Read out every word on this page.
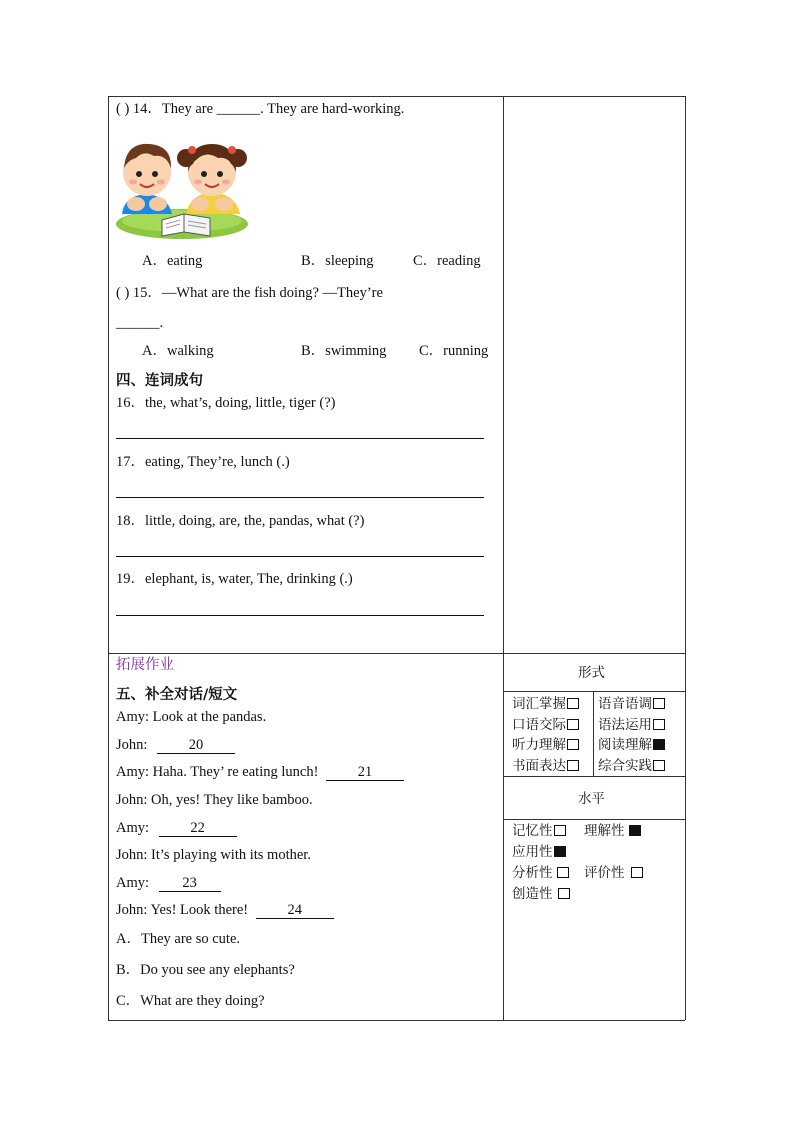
( ) 14．They are ______. They are hard-working.
A．eating	B．sleeping	C．reading
( ) 15．—What are the fish doing? —They’re
______.
A．walking	B．swimming C．running
四、连词成句
16．the, what’s, doing, little, tiger (?)
17．eating, They’re, lunch (.)
18．little, doing, are, the, pandas, what (?)
19．elephant, is, water, The, drinking (.)
拓展作业
五、补全对话/短文
Amy: Look at the pandas.
John:	20
Amy: Haha. They’ re eating lunch! 21
John: Oh, yes! They like bamboo.
Amy:	22
John: It’s playing with its mother.
Amy: 23
John: Yes! Look there! 24
A．They are so cute.
B．Do you see any elephants?
C．What are they doing?
形式
词汇掌握	语音语调
口语交际	语法运用
听力理解	阅读理解
书面表达	综合实践
水平
记忆性	理解性
应用性
分析性	评价性
创造性
